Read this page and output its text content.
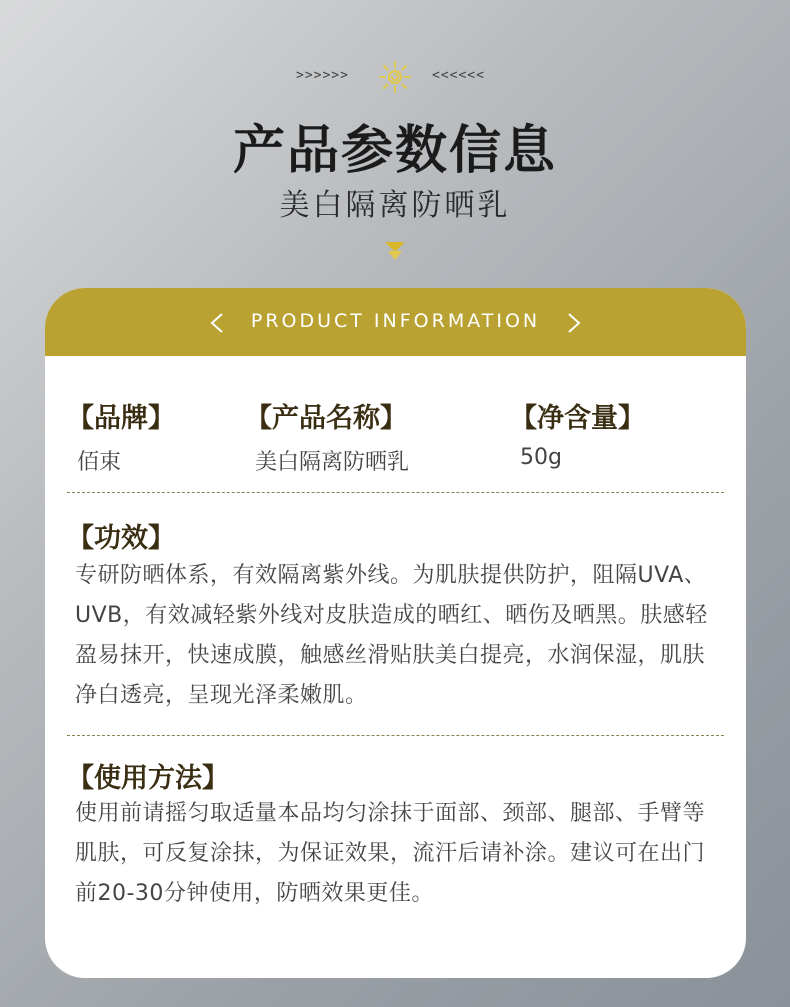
>>>>>>	<<<<<<
产品参数信息
美白隔离防晒乳
PRODUCT INFORMATION
【品牌】
佰束
【产品名称】
美白隔离防晒乳
【净含量】
50g
【功效】
专研防晒体系，有效隔离紫外线。为肌肤提供防护，阻隔UVA、UVB，有效减轻紫外线对皮肤造成的晒红、晒伤及晒黑。肤感轻盈易抹开，快速成膜，触感丝滑贴肤美白提亮，水润保湿，肌肤净白透亮，呈现光泽柔嫩肌。
【使用方法】
使用前请摇匀取适量本品均匀涂抹于面部、颈部、腿部、手臂等肌肤，可反复涂抹，为保证效果，流汗后请补涂。建议可在出门前20-30分钟使用，防晒效果更佳。
